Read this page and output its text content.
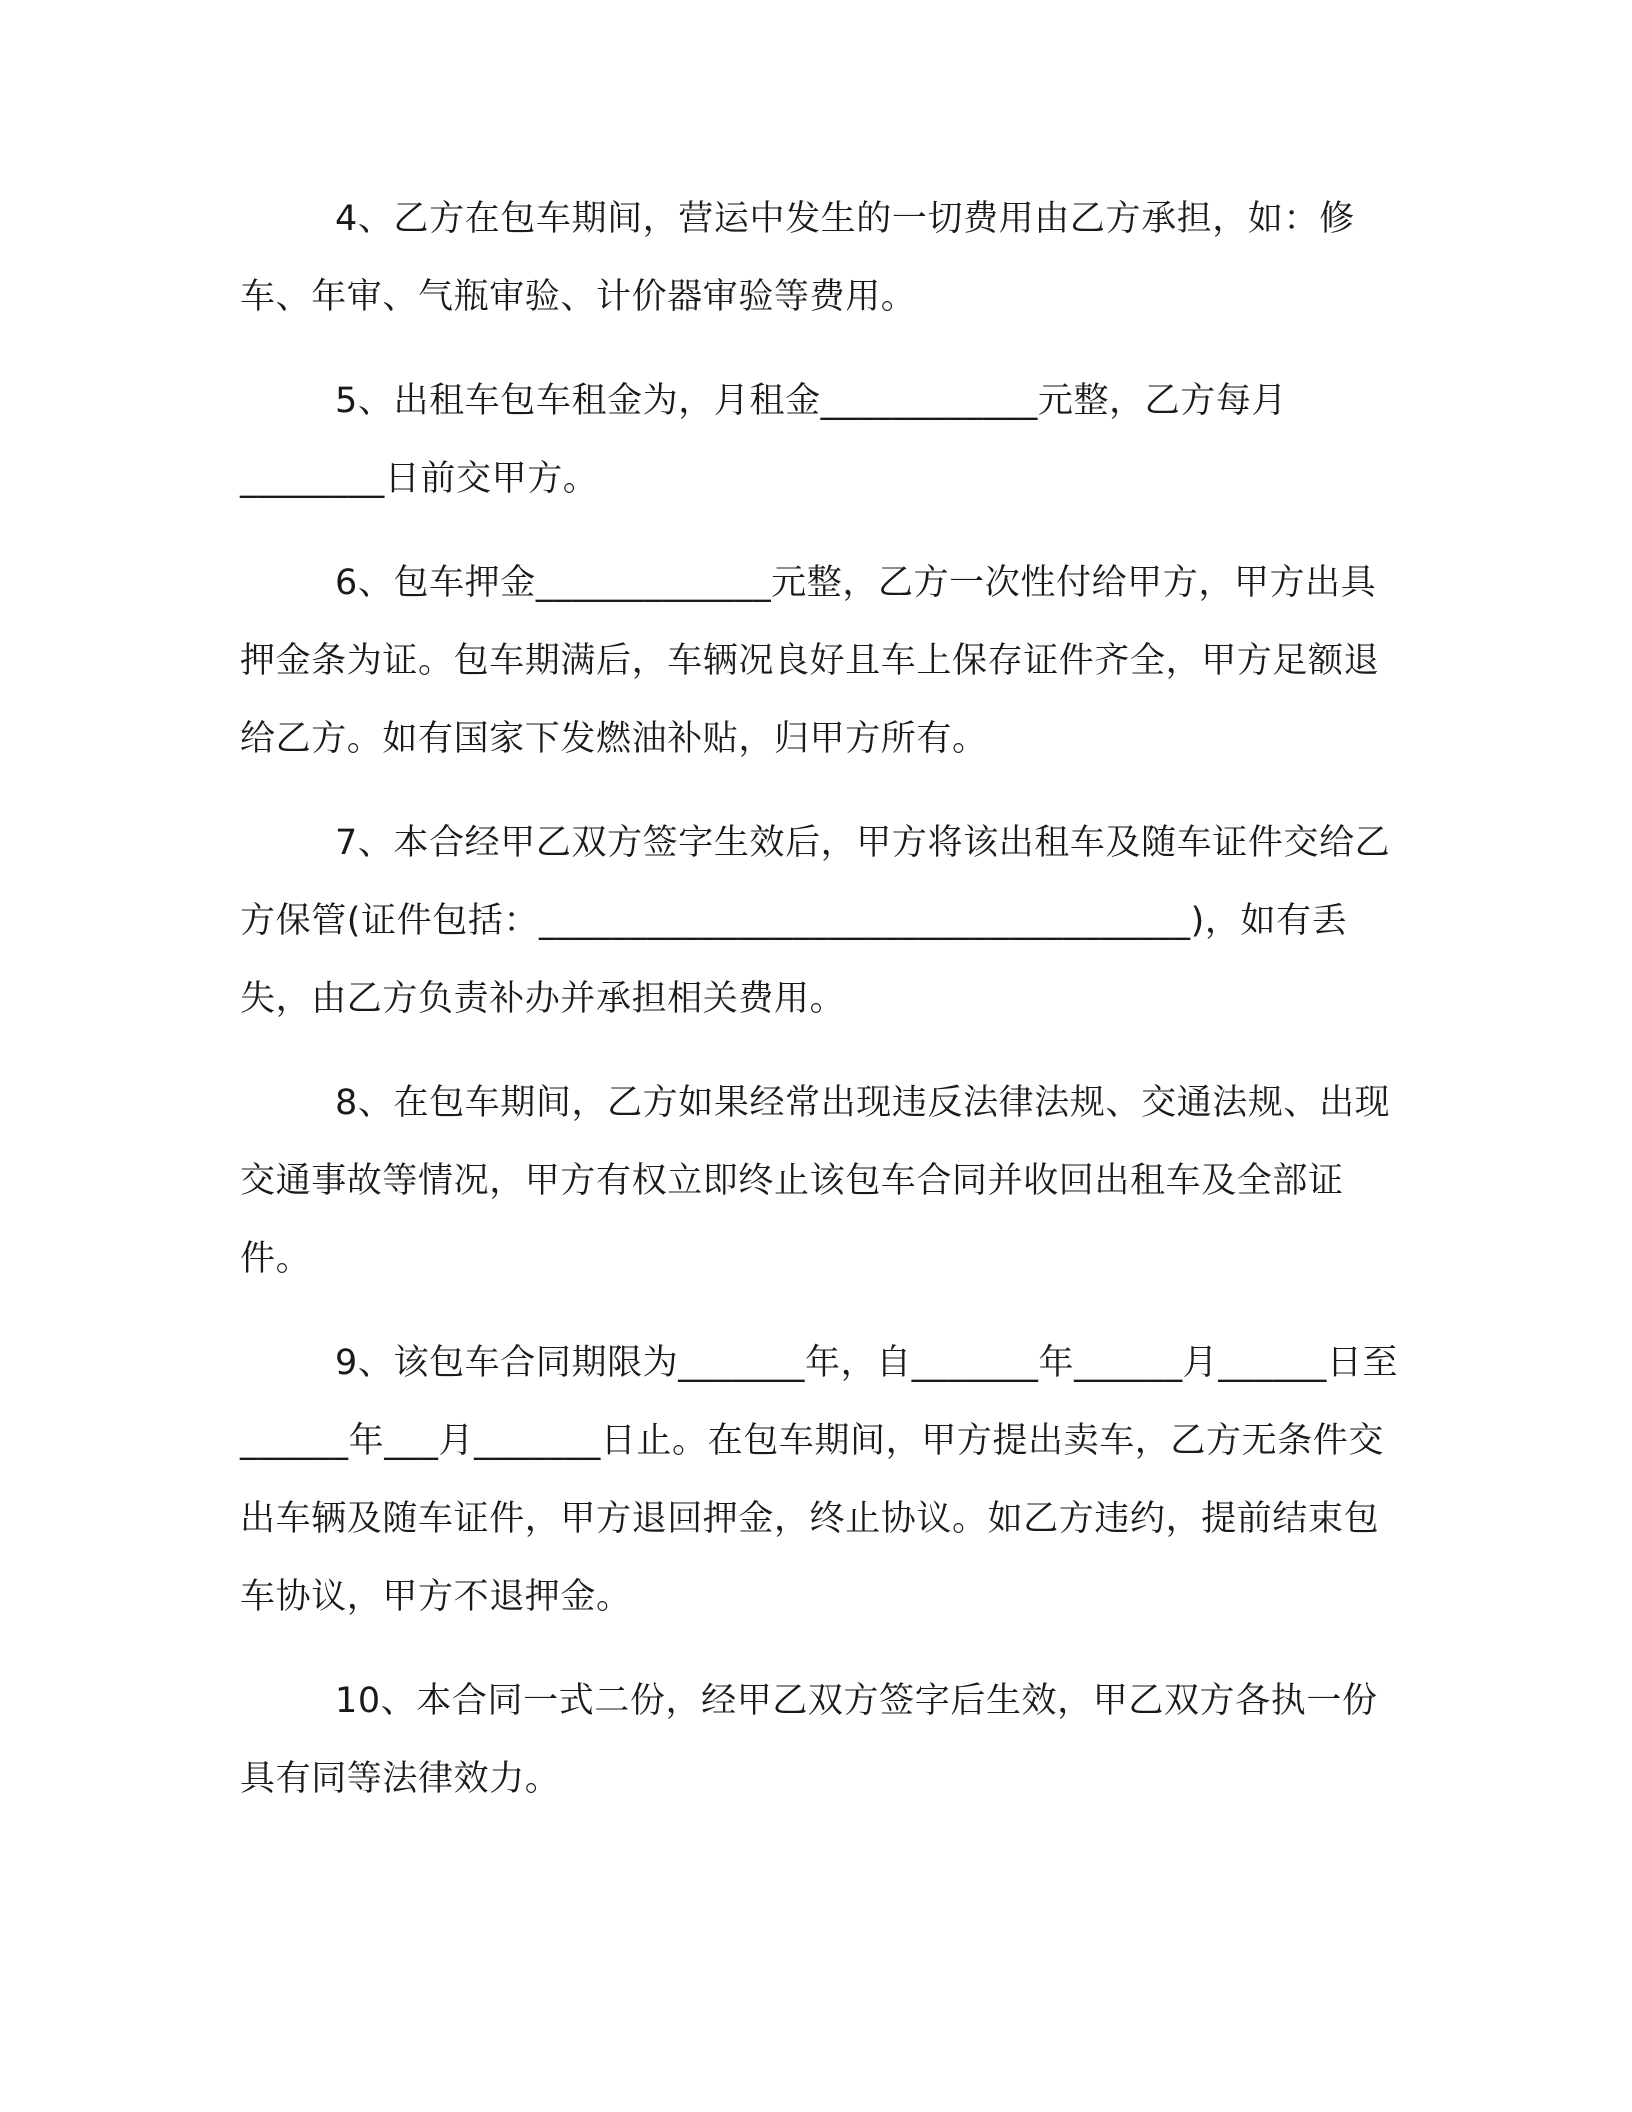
4、乙方在包车期间，营运中发生的一切费用由乙方承担，如：修车、年审、气瓶审验、计价器审验等费用。

5、出租车包车租金为，月租金____________元整，乙方每月________日前交甲方。

6、包车押金_____________元整，乙方一次性付给甲方，甲方出具押金条为证。包车期满后，车辆况良好且车上保存证件齐全，甲方足额退给乙方。如有国家下发燃油补贴，归甲方所有。

7、本合经甲乙双方签字生效后，甲方将该出租车及随车证件交给乙方保管(证件包括：____________________________________)，如有丢失，由乙方负责补办并承担相关费用。

8、在包车期间，乙方如果经常出现违反法律法规、交通法规、出现交通事故等情况，甲方有权立即终止该包车合同并收回出租车及全部证件。

9、该包车合同期限为_______年，自_______年______月______日至______年___月_______日止。在包车期间，甲方提出卖车，乙方无条件交出车辆及随车证件，甲方退回押金，终止协议。如乙方违约，提前结束包车协议，甲方不退押金。

10、本合同一式二份，经甲乙双方签字后生效，甲乙双方各执一份具有同等法律效力。
